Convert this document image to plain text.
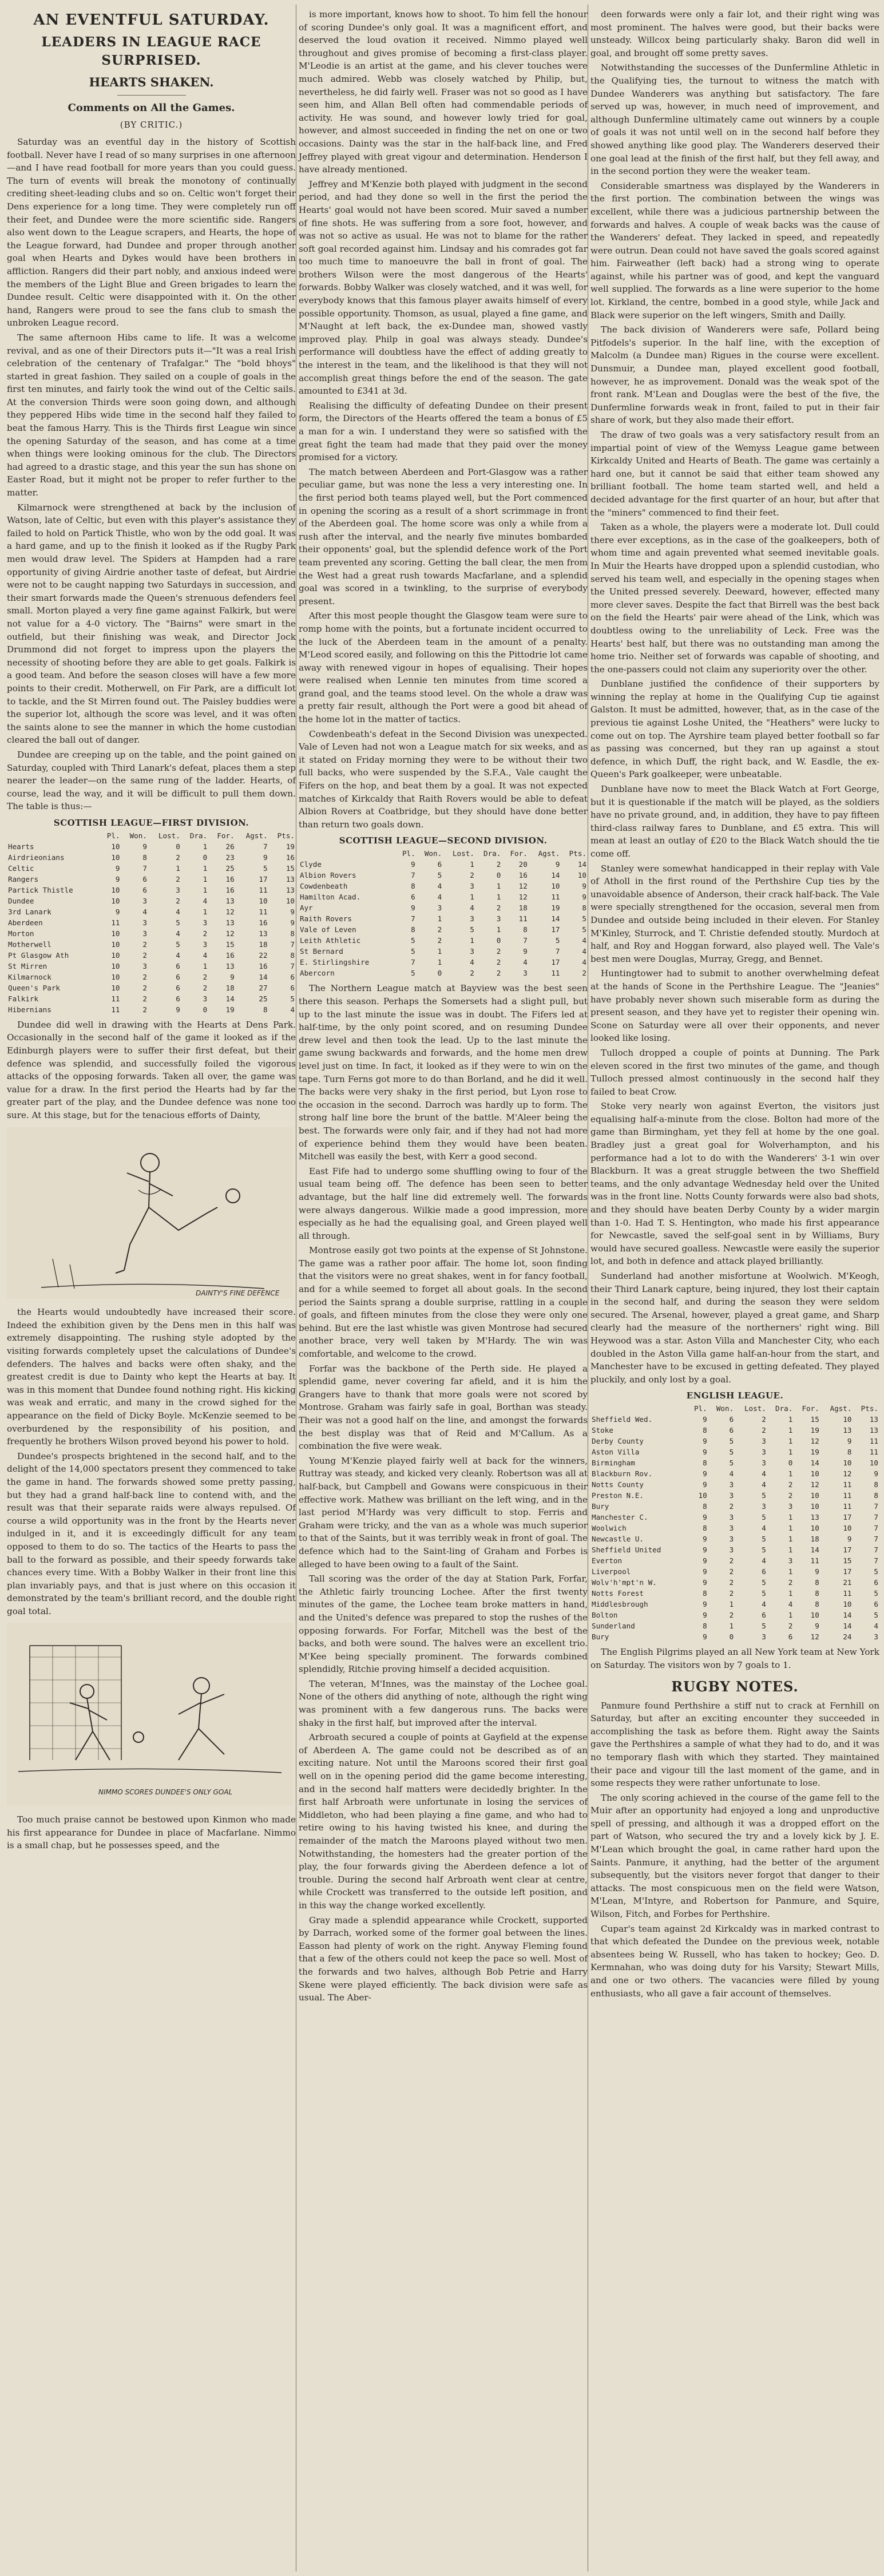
AN EVENTFUL SATURDAY.
LEADERS IN LEAGUE RACE SURPRISED.
HEARTS SHAKEN.
Comments on All the Games.
(BY CRITIC.)

Saturday was an eventful day in the history of Scottish football. Never have I read of so many surprises in one afternoon—and I have read football for more years than you could guess. The turn of events will break the monotony of continually crediting sheet-leading clubs and so on. Celtic won't forget their Dens experience for a long time. They were completely run off their feet, and Dundee were the more scientific side. Rangers also went down to the League scrapers, and Hearts, the hope of the League forward, had Dundee and proper through another goal when Hearts and Dykes would have been brothers in affliction. Rangers did their part nobly, and anxious indeed were the members of the Light Blue and Green brigades to learn the Dundee result. Celtic were disappointed with it. On the other hand, Rangers were proud to see the fans club to smash the unbroken League record.

The same afternoon Hibs came to life. It was a welcome revival, and as one of their Directors puts it—"It was a real Irish celebration of the centenary of Trafalgar." The "bold bhoys" started in great fashion. They sailed on a couple of goals in the first ten minutes, and fairly took the wind out of the Celtic sails. At the conversion Thirds were soon going down, and although they peppered Hibs wide time in the second half they failed to beat the famous Harry. This is the Thirds first League win since the opening Saturday of the season, and has come at a time when things were looking ominous for the club. The Directors had agreed to a drastic stage, and this year the sun has shone on Easter Road, but it might not be proper to refer further to the matter.

Kilmarnock were strengthened at back by the inclusion of Watson, late of Celtic, but even with this player's assistance they failed to hold on Partick Thistle, who won by the odd goal. It was a hard game, and up to the finish it looked as if the Rugby Park men would draw level. The Spiders at Hampden had a rare opportunity of giving Airdrie another taste of defeat, but Airdrie were not to be caught napping two Saturdays in succession, and their smart forwards made the Queen's strenuous defenders feel small. Morton played a very fine game against Falkirk, but were not value for a 4-0 victory. The "Bairns" were smart in the outfield, but their finishing was weak, and Director Jock Drummond did not forget to impress upon the players the necessity of shooting before they are able to get goals. Falkirk is a good team. And before the season closes will have a few more points to their credit. Motherwell, on Fir Park, are a difficult lot to tackle, and the St Mirren found out. The Paisley buddies were the superior lot, although the score was level, and it was often the saints alone to see the manner in which the home custodian cleared the ball out of danger.

Dundee are creeping up on the table, and the point gained on Saturday, coupled with Third Lanark's defeat, places them a step nearer the leader—on the same rung of the ladder. Hearts, of course, lead the way, and it will be difficult to pull them down. The table is thus:—

SCOTTISH LEAGUE—FIRST DIVISION.
	Pl.	Won.	Lost.	Dra.	For.	Agst.	Pts.
Hearts	10	9	0	1	26	7	19
Airdrieonians	10	8	2	0	23	9	16
Celtic	9	7	1	1	25	5	15
Rangers	9	6	2	1	16	17	13
Partick Thistle	10	6	3	1	16	11	13
Dundee	10	3	2	4	13	10	10
3rd Lanark	9	4	4	1	12	11	9
Aberdeen	11	3	5	3	13	16	9
Morton	10	3	4	2	12	13	8
Motherwell	10	2	5	3	15	18	7
Pt Glasgow Ath	10	2	4	4	16	22	8
St Mirren	10	3	6	1	13	16	7
Kilmarnock	10	2	6	2	9	14	6
Queen's Park	10	2	6	2	18	27	6
Falkirk	11	2	6	3	14	25	5
Hibernians	11	2	9	0	19	8	4

Dundee did well in drawing with the Hearts at Dens Park. Occasionally in the second half of the game it looked as if the Edinburgh players were to suffer their first defeat, but their defence was splendid, and successfully foiled the vigorous attacks of the opposing forwards. Taken all over, the game was value for a draw. In the first period the Hearts had by far the greater part of the play, and the Dundee defence was none too sure. At this stage, but for the tenacious efforts of Dainty,

DAINTY'S FINE DEFENCE

the Hearts would undoubtedly have increased their score. Indeed the exhibition given by the Dens men in this half was extremely disappointing. The rushing style adopted by the visiting forwards completely upset the calculations of Dundee's defenders. The halves and backs were often shaky, and the greatest credit is due to Dainty who kept the Hearts at bay. It was in this moment that Dundee found nothing right. His kicking was weak and erratic, and many in the crowd sighed for the appearance on the field of Dicky Boyle. McKenzie seemed to be overburdened by the responsibility of his position, and frequently he brothers Wilson proved beyond his power to hold.

Dundee's prospects brightened in the second half, and to the delight of the 14,000 spectators present they commenced to take the game in hand. The forwards showed some pretty passing, but they had a grand half-back line to contend with, and the result was that their separate raids were always repulsed. Of course a wild opportunity was in the front by the Hearts never indulged in it, and it is exceedingly difficult for any team opposed to them to do so. The tactics of the Hearts to pass the ball to the forward as possible, and their speedy forwards take chances every time. With a Bobby Walker in their front line this plan invariably pays, and that is just where on this occasion it demonstrated by the team's brilliant record, and the double right goal total.

NIMMO SCORES DUNDEE'S ONLY GOAL

Too much praise cannot be bestowed upon Kinmon who made his first appearance for Dundee in place of Macfarlane. Nimmo is a small chap, but he possesses speed, and the

is more important, knows how to shoot. To him fell the honour of scoring Dundee's only goal. It was a magnificent effort, and deserved the loud ovation it received. Nimmo played well throughout and gives promise of becoming a first-class player. M'Leodie is an artist at the game, and his clever touches were much admired. Webb was closely watched by Philip, but, nevertheless, he did fairly well. Fraser was not so good as I have seen him, and Allan Bell often had commendable periods of activity. He was sound, and however lowly tried for goal, however, and almost succeeded in finding the net on one or two occasions. Dainty was the star in the half-back line, and Fred Jeffrey played with great vigour and determination. Henderson I have already mentioned.

Jeffrey and M'Kenzie both played with judgment in the second period, and had they done so well in the first the period the Hearts' goal would not have been scored. Muir saved a number of fine shots. He was suffering from a sore foot, however, and was not so active as usual. He was not to blame for the rather soft goal recorded against him. Lindsay and his comrades got far too much time to manoeuvre the ball in front of goal. The brothers Wilson were the most dangerous of the Hearts' forwards. Bobby Walker was closely watched, and it was well, for everybody knows that this famous player awaits himself of every possible opportunity. Thomson, as usual, played a fine game, and M'Naught at left back, the ex-Dundee man, showed vastly improved play. Philp in goal was always steady. Dundee's performance will doubtless have the effect of adding greatly to the interest in the team, and the likelihood is that they will not accomplish great things before the end of the season. The gate amounted to £341 at 3d.

Realising the difficulty of defeating Dundee on their present form, the Directors of the Hearts offered the team a bonus of £5 a man for a win. I understand they were so satisfied with the great fight the team had made that they paid over the money promised for a victory.

The match between Aberdeen and Port-Glasgow was a rather peculiar game, but was none the less a very interesting one. In the first period both teams played well, but the Port commenced in opening the scoring as a result of a short scrimmage in front of the Aberdeen goal. The home score was only a while from a rush after the interval, and the nearly five minutes bombarded their opponents' goal, but the splendid defence work of the Port team prevented any scoring. Getting the ball clear, the men from the West had a great rush towards Macfarlane, and a splendid goal was scored in a twinkling, to the surprise of everybody present.

After this most people thought the Glasgow team were sure to romp home with the points, but a fortunate incident occurred to the luck of the Aberdeen team in the amount of a penalty. M'Leod scored easily, and following on this the Pittodrie lot came away with renewed vigour in hopes of equalising. Their hopes were realised when Lennie ten minutes from time scored a grand goal, and the teams stood level. On the whole a draw was a pretty fair result, although the Port were a good bit ahead of the home lot in the matter of tactics.

Cowdenbeath's defeat in the Second Division was unexpected. Vale of Leven had not won a League match for six weeks, and as it stated on Friday morning they were to be without their two full backs, who were suspended by the S.F.A., Vale caught the Fifers on the hop, and beat them by a goal. It was not expected matches of Kirkcaldy that Raith Rovers would be able to defeat Albion Rovers at Coatbridge, but they should have done better than return two goals down.

SCOTTISH LEAGUE—SECOND DIVISION.
	Pl.	Won.	Lost.	Dra.	For.	Agst.	Pts.
Clyde	9	6	1	2	20	9	14
Albion Rovers	7	5	2	0	16	14	10
Cowdenbeath	8	4	3	1	12	10	9
Hamilton Acad.	6	4	1	1	12	11	9
Ayr	9	3	4	2	18	19	8
Raith Rovers	7	1	3	3	11	14	5
Vale of Leven	8	2	5	1	8	17	5
Leith Athletic	5	2	1	0	7	5	4
St Bernard	5	1	3	2	9	7	4
E. Stirlingshire	7	1	4	2	4	17	4
Abercorn	5	0	2	2	3	11	2

The Northern League match at Bayview was the best seen there this season. Perhaps the Somersets had a slight pull, but up to the last minute the issue was in doubt. The Fifers led at half-time, by the only point scored, and on resuming Dundee drew level and then took the lead. Up to the last minute the game swung backwards and forwards, and the home men drew level just on time. In fact, it looked as if they were to win on the tape. Turn Ferns got more to do than Borland, and he did it well. The backs were very shaky in the first period, but Lyon rose to the occasion in the second. Darroch was hardly up to form. The strong half line bore the brunt of the battle. M'Aleer being the best. The forwards were only fair, and if they had not had more of experience behind them they would have been beaten. Mitchell was easily the best, with Kerr a good second.

East Fife had to undergo some shuffling owing to four of the usual team being off. The defence has been seen to better advantage, but the half line did extremely well. The forwards were always dangerous. Wilkie made a good impression, more especially as he had the equalising goal, and Green played well all through.

Montrose easily got two points at the expense of St Johnstone. The game was a rather poor affair. The home lot, soon finding that the visitors were no great shakes, went in for fancy football, and for a while seemed to forget all about goals. In the second period the Saints sprang a double surprise, rattling in a couple of goals, and fifteen minutes from the close they were only one behind. But ere the last whistle was given Montrose had secured another brace, very well taken by M'Hardy. The win was comfortable, and welcome to the crowd.

Forfar was the backbone of the Perth side. He played a splendid game, never covering far afield, and it is him the Grangers have to thank that more goals were not scored by Montrose. Graham was fairly safe in goal, Borthan was steady. Their was not a good half on the line, and amongst the forwards the best display was that of Reid and M'Callum. As a combination the five were weak.

Young M'Kenzie played fairly well at back for the winners, Ruttray was steady, and kicked very cleanly. Robertson was all at half-back, but Campbell and Gowans were conspicuous in their effective work. Mathew was brilliant on the left wing, and in the last period M'Hardy was very difficult to stop. Ferris and Graham were tricky, and the van as a whole was much superior to that of the Saints, but it was terribly weak in front of goal. The defence which had to the Saint-ling of Graham and Forbes is alleged to have been owing to a fault of the Saint.

Tall scoring was the order of the day at Station Park, Forfar, the Athletic fairly trouncing Lochee. After the first twenty minutes of the game, the Lochee team broke matters in hand, and the United's defence was prepared to stop the rushes of the opposing forwards. For Forfar, Mitchell was the best of the backs, and both were sound. The halves were an excellent trio. M'Kee being specially prominent. The forwards combined splendidly, Ritchie proving himself a decided acquisition.

The veteran, M'Innes, was the mainstay of the Lochee goal. None of the others did anything of note, although the right wing was prominent with a few dangerous runs. The backs were shaky in the first half, but improved after the interval.

Arbroath secured a couple of points at Gayfield at the expense of Aberdeen A. The game could not be described as of an exciting nature. Not until the Maroons scored their first goal well on in the opening period did the game become interesting, and in the second half matters were decidedly brighter. In the first half Arbroath were unfortunate in losing the services of Middleton, who had been playing a fine game, and who had to retire owing to his having twisted his knee, and during the remainder of the match the Maroons played without two men. Notwithstanding, the homesters had the greater portion of the play, the four forwards giving the Aberdeen defence a lot of trouble. During the second half Arbroath went clear at centre, while Crockett was transferred to the outside left position, and in this way the change worked excellently.

Gray made a splendid appearance while Crockett, supported by Darrach, worked some of the former goal between the lines. Easson had plenty of work on the right. Anyway Fleming found that a few of the others could not keep the pace so well. Most of the forwards and two halves, although Bob Petrie and Harry Skene were played efficiently. The back division were safe as usual. The Aber-

deen forwards were only a fair lot, and their right wing was most prominent. The halves were good, but their backs were unsteady. Willcox being particularly shaky. Baron did well in goal, and brought off some pretty saves.

Notwithstanding the successes of the Dunfermline Athletic in the Qualifying ties, the turnout to witness the match with Dundee Wanderers was anything but satisfactory. The fare served up was, however, in much need of improvement, and although Dunfermline ultimately came out winners by a couple of goals it was not until well on in the second half before they showed anything like good play. The Wanderers deserved their one goal lead at the finish of the first half, but they fell away, and in the second portion they were the weaker team.

Considerable smartness was displayed by the Wanderers in the first portion. The combination between the wings was excellent, while there was a judicious partnership between the forwards and halves. A couple of weak backs was the cause of the Wanderers' defeat. They lacked in speed, and repeatedly were outrun. Dean could not have saved the goals scored against him. Fairweather (left back) had a strong wing to operate against, while his partner was of good, and kept the vanguard well supplied. The forwards as a line were superior to the home lot. Kirkland, the centre, bombed in a good style, while Jack and Black were superior on the left wingers, Smith and Dailly.

The back division of Wanderers were safe, Pollard being Pitfodels's superior. In the half line, with the exception of Malcolm (a Dundee man) Rigues in the course were excellent. Dunsmuir, a Dundee man, played excellent good football, however, he as improvement. Donald was the weak spot of the front rank. M'Lean and Douglas were the best of the five, the Dunfermline forwards weak in front, failed to put in their fair share of work, but they also made their effort.

The draw of two goals was a very satisfactory result from an impartial point of view of the Wemyss League game between Kirkcaldy United and Hearts of Beath. The game was certainly a hard one, but it cannot be said that either team showed any brilliant football. The home team started well, and held a decided advantage for the first quarter of an hour, but after that the "miners" commenced to find their feet.

Taken as a whole, the players were a moderate lot. Dull could there ever exceptions, as in the case of the goalkeepers, both of whom time and again prevented what seemed inevitable goals. In Muir the Hearts have dropped upon a splendid custodian, who served his team well, and especially in the opening stages when the United pressed severely. Deeward, however, effected many more clever saves. Despite the fact that Birrell was the best back on the field the Hearts' pair were ahead of the Link, which was doubtless owing to the unreliability of Leck. Free was the Hearts' best half, but there was no outstanding man among the home trio. Neither set of forwards was capable of shooting, and the one-passers could not claim any superiority over the other.

Dunblane justified the confidence of their supporters by winning the replay at home in the Qualifying Cup tie against Galston. It must be admitted, however, that, as in the case of the previous tie against Loshe United, the "Heathers" were lucky to come out on top. The Ayrshire team played better football so far as passing was concerned, but they ran up against a stout defence, in which Duff, the right back, and W. Easdle, the ex-Queen's Park goalkeeper, were unbeatable.

Dunblane have now to meet the Black Watch at Fort George, but it is questionable if the match will be played, as the soldiers have no private ground, and, in addition, they have to pay fifteen third-class railway fares to Dunblane, and £5 extra. This will mean at least an outlay of £20 to the Black Watch should the tie come off.

Stanley were somewhat handicapped in their replay with Vale of Atholl in the first round of the Perthshire Cup ties by the unavoidable absence of Anderson, their crack half-back. The Vale were specially strengthened for the occasion, several men from Dundee and outside being included in their eleven. For Stanley M'Kinley, Sturrock, and T. Christie defended stoutly. Murdoch at half, and Roy and Hoggan forward, also played well. The Vale's best men were Douglas, Murray, Gregg, and Bennet.

Huntingtower had to submit to another overwhelming defeat at the hands of Scone in the Perthshire League. The "Jeanies" have probably never shown such miserable form as during the present season, and they have yet to register their opening win. Scone on Saturday were all over their opponents, and never looked like losing.

Tulloch dropped a couple of points at Dunning. The Park eleven scored in the first two minutes of the game, and though Tulloch pressed almost continuously in the second half they failed to beat Crow.

Stoke very nearly won against Everton, the visitors just equalising half-a-minute from the close. Bolton had more of the game than Birmingham, yet they fell at home by the one goal. Bradley just a great goal for Wolverhampton, and his performance had a lot to do with the Wanderers' 3-1 win over Blackburn. It was a great struggle between the two Sheffield teams, and the only advantage Wednesday held over the United was in the front line. Notts County forwards were also bad shots, and they should have beaten Derby County by a wider margin than 1-0. Had T. S. Hentington, who made his first appearance for Newcastle, saved the self-goal sent in by Williams, Bury would have secured goalless. Newcastle were easily the superior lot, and both in defence and attack played brilliantly.

Sunderland had another misfortune at Woolwich. M'Keogh, their Third Lanark capture, being injured, they lost their captain in the second half, and during the season they were seldom secured. The Arsenal, however, played a great game, and Sharp clearly had the measure of the northerners' right wing. Bill Heywood was a star. Aston Villa and Manchester City, who each doubled in the Aston Villa game half-an-hour from the start, and Manchester have to be excused in getting defeated. They played pluckily, and only lost by a goal.

ENGLISH LEAGUE.
	Pl.	Won.	Lost.	Dra.	For.	Agst.	Pts.
Sheffield Wed.	9	6	2	1	15	10	13
Stoke	8	6	2	1	19	13	13
Derby County	9	5	3	1	12	9	11
Aston Villa	9	5	3	1	19	8	11
Birmingham	8	5	3	0	14	10	10
Blackburn Rov.	9	4	4	1	10	12	9
Notts County	9	3	4	2	12	11	8
Preston N.E.	10	3	5	2	10	11	8
Bury	8	2	3	3	10	11	7
Manchester C.	9	3	5	1	13	17	7
Woolwich	8	3	4	1	10	10	7
Newcastle U.	9	3	5	1	18	9	7
Sheffield United	9	3	5	1	14	17	7
Everton	9	2	4	3	11	15	7
Liverpool	9	2	6	1	9	17	5
Wolv'h'mpt'n W.	9	2	5	2	8	21	6
Notts Forest	8	2	5	1	8	11	5
Middlesbrough	9	1	4	4	8	10	6
Bolton	9	2	6	1	10	14	5
Sunderland	8	1	5	2	9	14	4
Bury	9	0	3	6	12	24	3

The English Pilgrims played an all New York team at New York on Saturday. The visitors won by 7 goals to 1.

RUGBY NOTES.

Panmure found Perthshire a stiff nut to crack at Fernhill on Saturday, but after an exciting encounter they succeeded in accomplishing the task as before them. Right away the Saints gave the Perthshires a sample of what they had to do, and it was no temporary flash with which they started. They maintained their pace and vigour till the last moment of the game, and in some respects they were rather unfortunate to lose.

The only scoring achieved in the course of the game fell to the Muir after an opportunity had enjoyed a long and unproductive spell of pressing, and although it was a dropped effort on the part of Watson, who secured the try and a lovely kick by J. E. M'Lean which brought the goal, in came rather hard upon the Saints. Panmure, it anything, had the better of the argument subsequently, but the visitors never forgot that danger to their attacks. The most conspicuous men on the field were Watson, M'Lean, M'Intyre, and Robertson for Panmure, and Squire, Wilson, Fitch, and Forbes for Perthshire.

Cupar's team against 2d Kirkcaldy was in marked contrast to that which defeated the Dundee on the previous week, notable absentees being W. Russell, who has taken to hockey; Geo. D. Kermnahan, who was doing duty for his Varsity; Stewart Mills, and one or two others. The vacancies were filled by young enthusiasts, who all gave a fair account of themselves.
